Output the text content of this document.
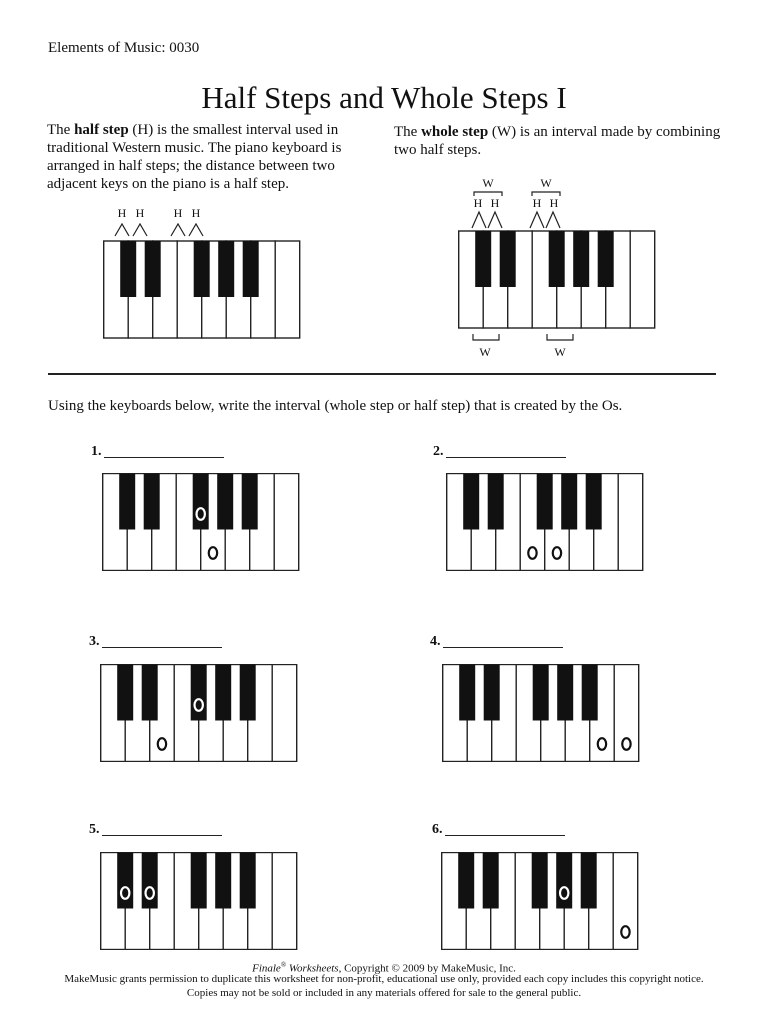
Elements of Music: 0030
Half Steps and Whole Steps I
The half step (H) is the smallest interval used in traditional Western music. The piano keyboard is arranged in half steps; the distance between two adjacent keys on the piano is a half step.
The whole step (W) is an interval made by combining two half steps.
H H H H
W	W
H H	H H
W	W
Using the keyboards below, write the interval (whole step or half step) that is created by the Os.
1.	2.
3.	4.
5.	6.
Finale® Worksheets, Copyright © 2009 by MakeMusic, Inc.
MakeMusic grants permission to duplicate this worksheet for non-profit, educational use only, provided each copy includes this copyright notice.
Copies may not be sold or included in any materials offered for sale to the general public.
